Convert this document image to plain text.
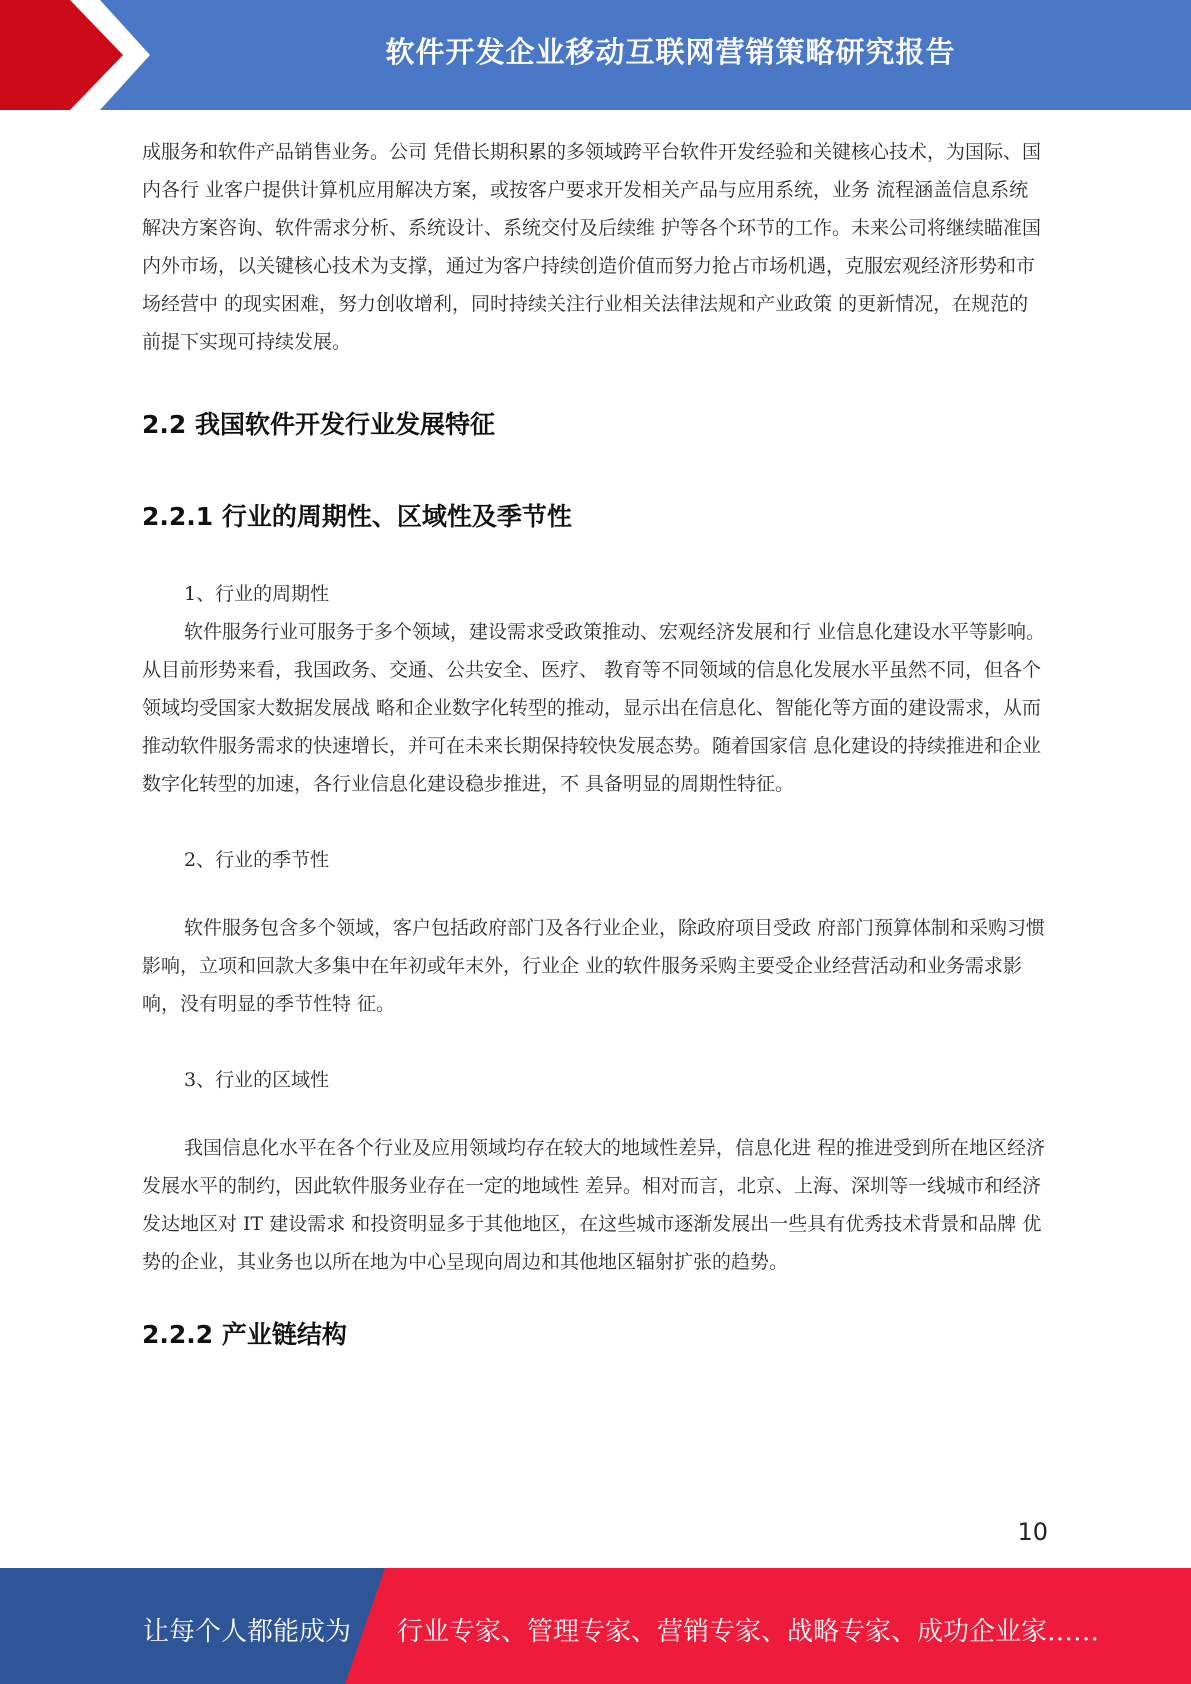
软件开发企业移动互联网营销策略研究报告

成服务和软件产品销售业务。公司 凭借长期积累的多领域跨平台软件开发经验和关键核心技术，为国际、国内各行 业客户提供计算机应用解决方案，或按客户要求开发相关产品与应用系统，业务 流程涵盖信息系统解决方案咨询、软件需求分析、系统设计、系统交付及后续维 护等各个环节的工作。未来公司将继续瞄准国内外市场，以关键核心技术为支撑，通过为客户持续创造价值而努力抢占市场机遇，克服宏观经济形势和市场经营中 的现实困难，努力创收增利，同时持续关注行业相关法律法规和产业政策 的更新情况，在规范的前提下实现可持续发展。

2.2 我国软件开发行业发展特征
2.2.1 行业的周期性、区域性及季节性

1、行业的周期性

软件服务行业可服务于多个领域，建设需求受政策推动、宏观经济发展和行 业信息化建设水平等影响。从目前形势来看，我国政务、交通、公共安全、医疗、 教育等不同领域的信息化发展水平虽然不同，但各个领域均受国家大数据发展战 略和企业数字化转型的推动，显示出在信息化、智能化等方面的建设需求，从而 推动软件服务需求的快速增长，并可在未来长期保持较快发展态势。随着国家信 息化建设的持续推进和企业数字化转型的加速，各行业信息化建设稳步推进，不 具备明显的周期性特征。

2、行业的季节性

软件服务包含多个领域，客户包括政府部门及各行业企业，除政府项目受政 府部门预算体制和采购习惯影响，立项和回款大多集中在年初或年末外，行业企 业的软件服务采购主要受企业经营活动和业务需求影响，没有明显的季节性特 征。

3、行业的区域性

我国信息化水平在各个行业及应用领域均存在较大的地域性差异，信息化进 程的推进受到所在地区经济发展水平的制约，因此软件服务业存在一定的地域性 差异。相对而言，北京、上海、深圳等一线城市和经济发达地区对 IT 建设需求 和投资明显多于其他地区，在这些城市逐渐发展出一些具有优秀技术背景和品牌 优势的企业，其业务也以所在地为中心呈现向周边和其他地区辐射扩张的趋势。

2.2.2 产业链结构
10
让每个人都能成为 行业专家、管理专家、营销专家、战略专家、成功企业家……
